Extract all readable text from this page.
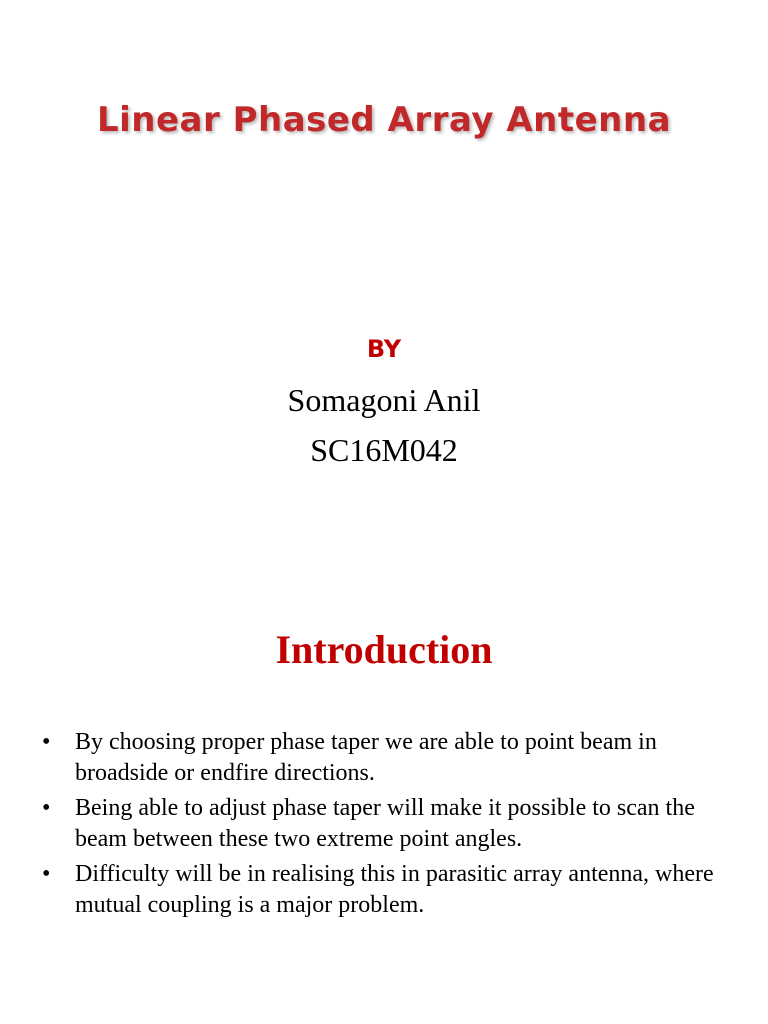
Linear Phased Array Antenna
BY
Somagoni Anil
SC16M042
Introduction
• By choosing proper phase taper we are able to point beam in broadside or endfire directions.
• Being able to adjust phase taper will make it possible to scan the beam between these two extreme point angles.
• Difficulty will be in realising this in parasitic array antenna, where mutual coupling is a major problem.
